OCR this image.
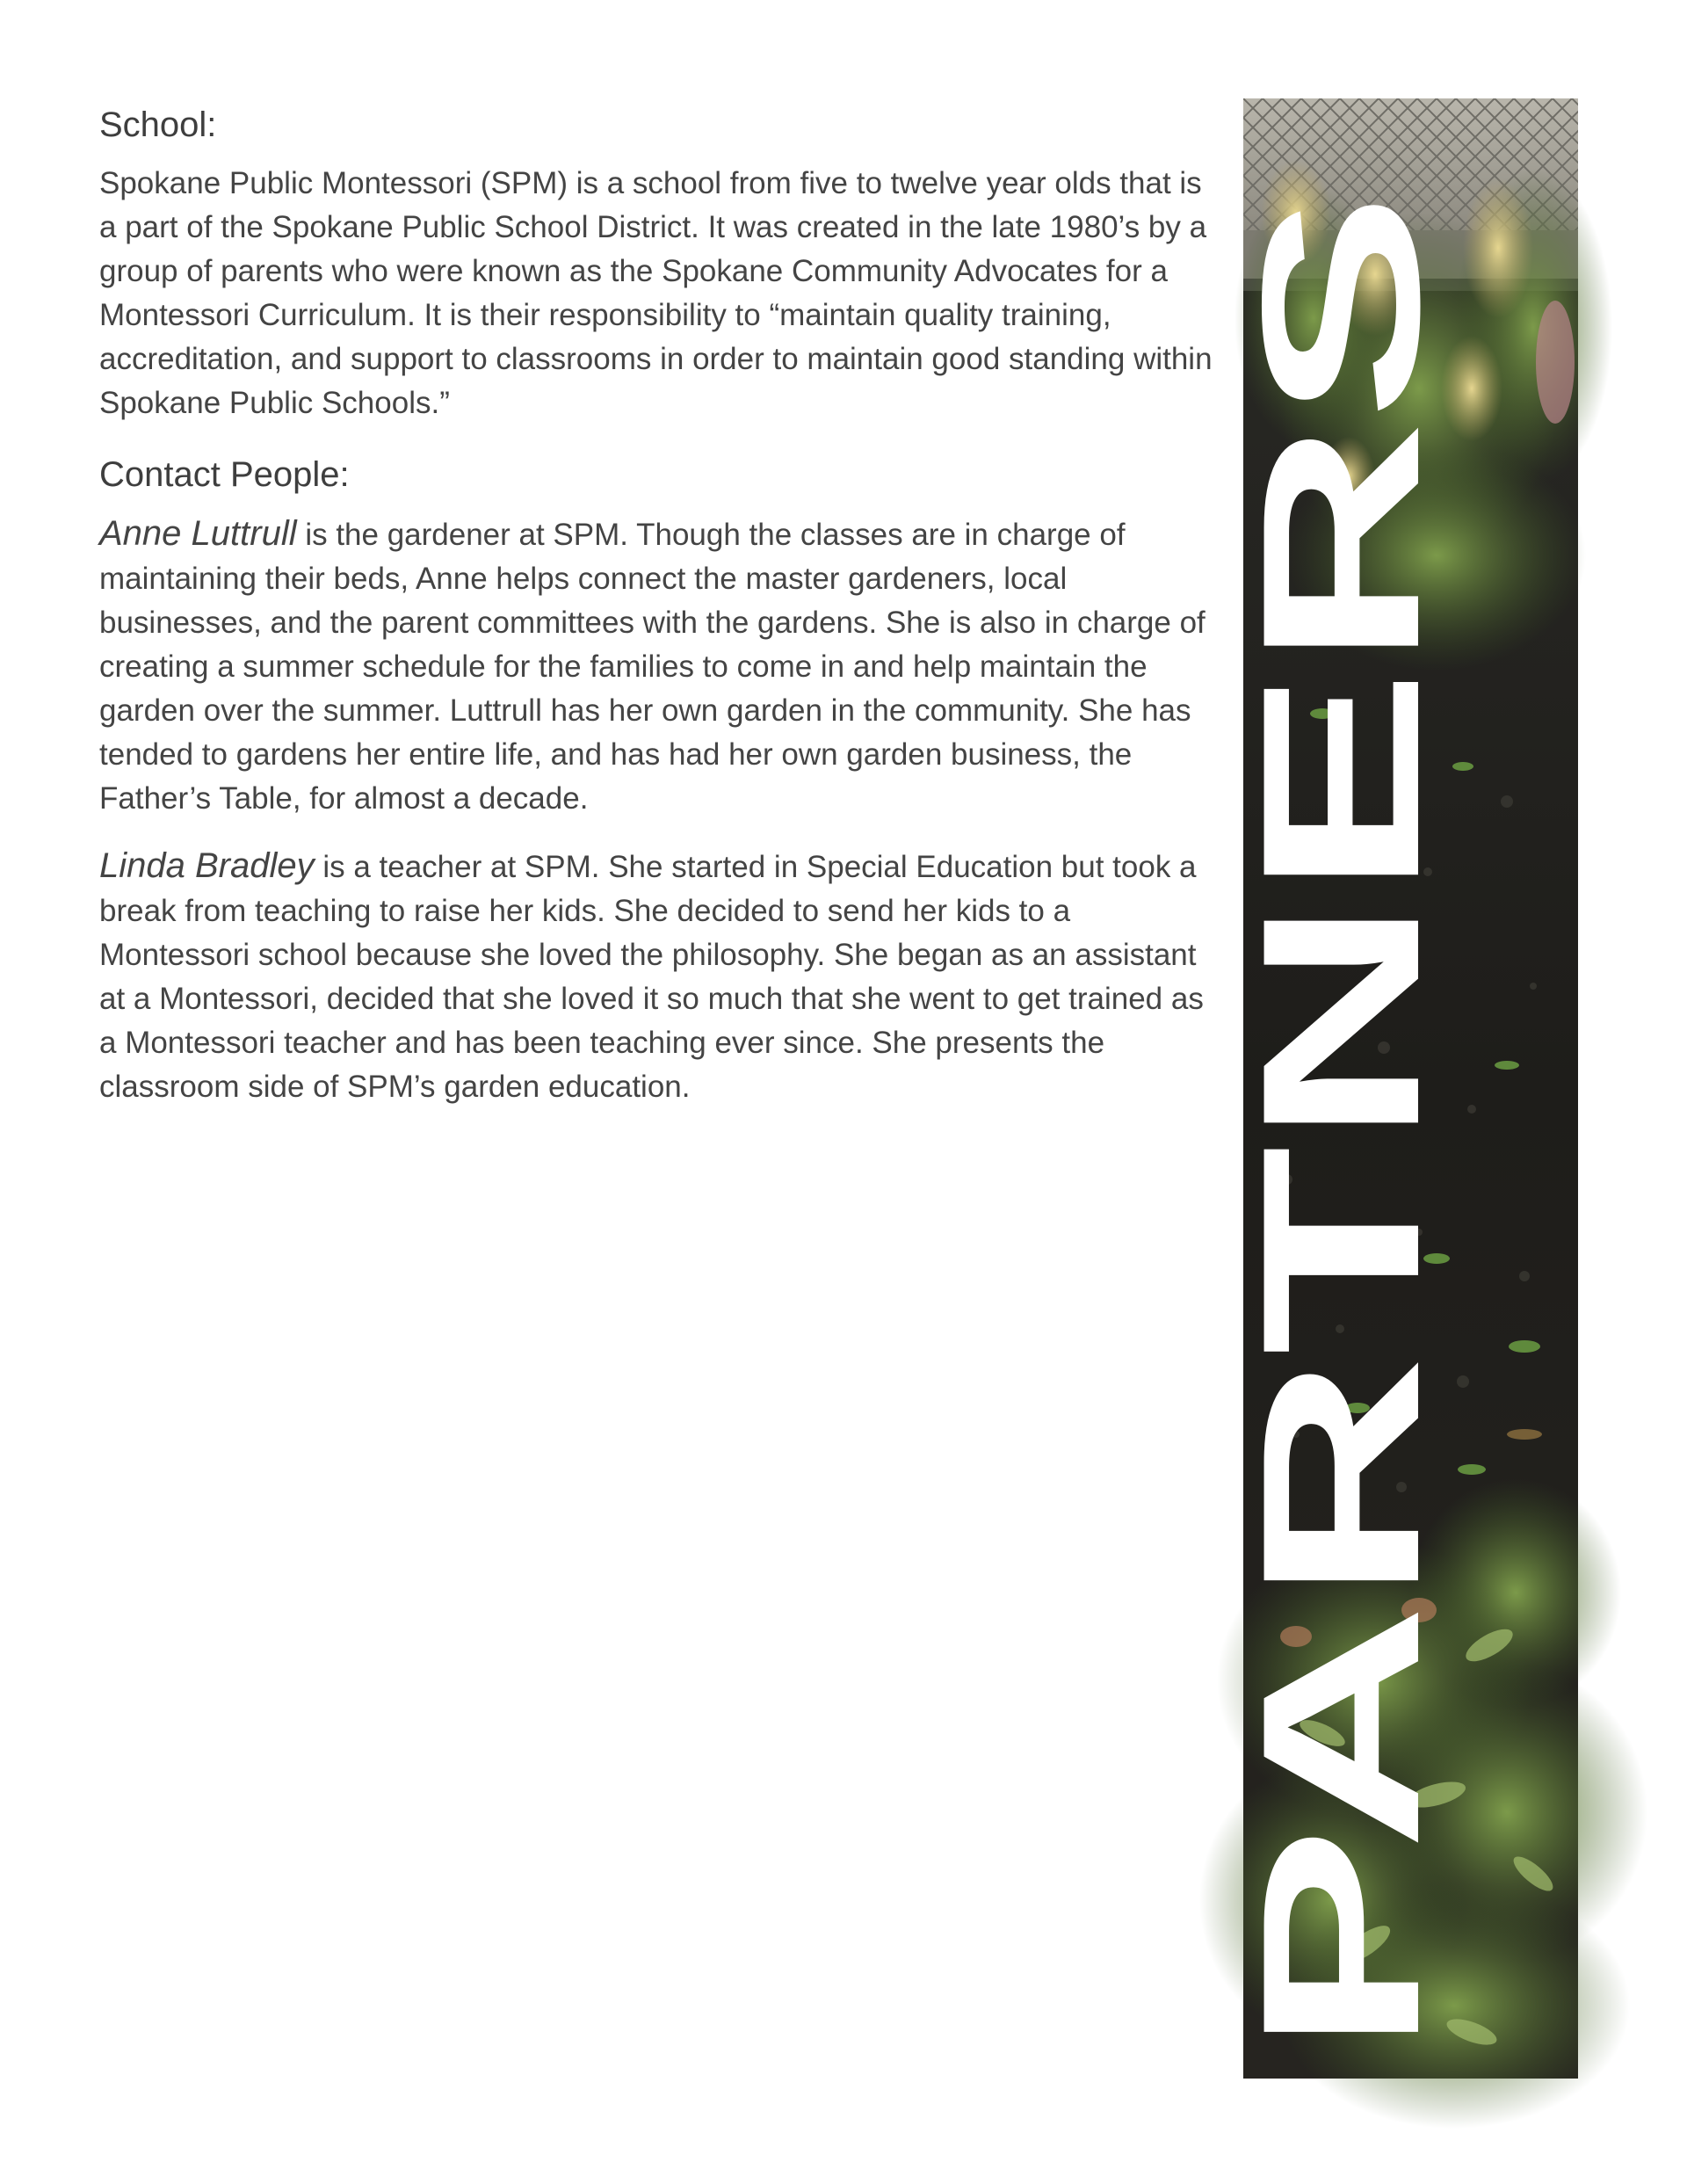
School:

Spokane Public Montessori (SPM) is a school from five to twelve year olds that is a part of the Spokane Public School District. It was created in the late 1980’s by a group of parents who were known as the Spokane Community Advocates for a Montessori Curriculum. It is their responsibility to “maintain quality training, accreditation, and support to classrooms in order to maintain good standing within Spokane Public Schools.”

Contact People:

Anne Luttrull is the gardener at SPM. Though the classes are in charge of maintaining their beds, Anne helps connect the master gardeners, local businesses, and the parent committees with the gardens. She is also in charge of creating a summer schedule for the families to come in and help maintain the garden over the summer. Luttrull has her own garden in the community. She has tended to gardens her entire life, and has had her own garden business, the Father’s Table, for almost a decade.

Linda Bradley is a teacher at SPM. She started in Special Education but took a break from teaching to raise her kids. She decided to send her kids to a Montessori school because she loved the philosophy. She began as an assistant at a Montessori, decided that she loved it so much that she went to get trained as a Montessori teacher and has been teaching ever since. She presents the classroom side of SPM’s garden education.	PARTNERS
